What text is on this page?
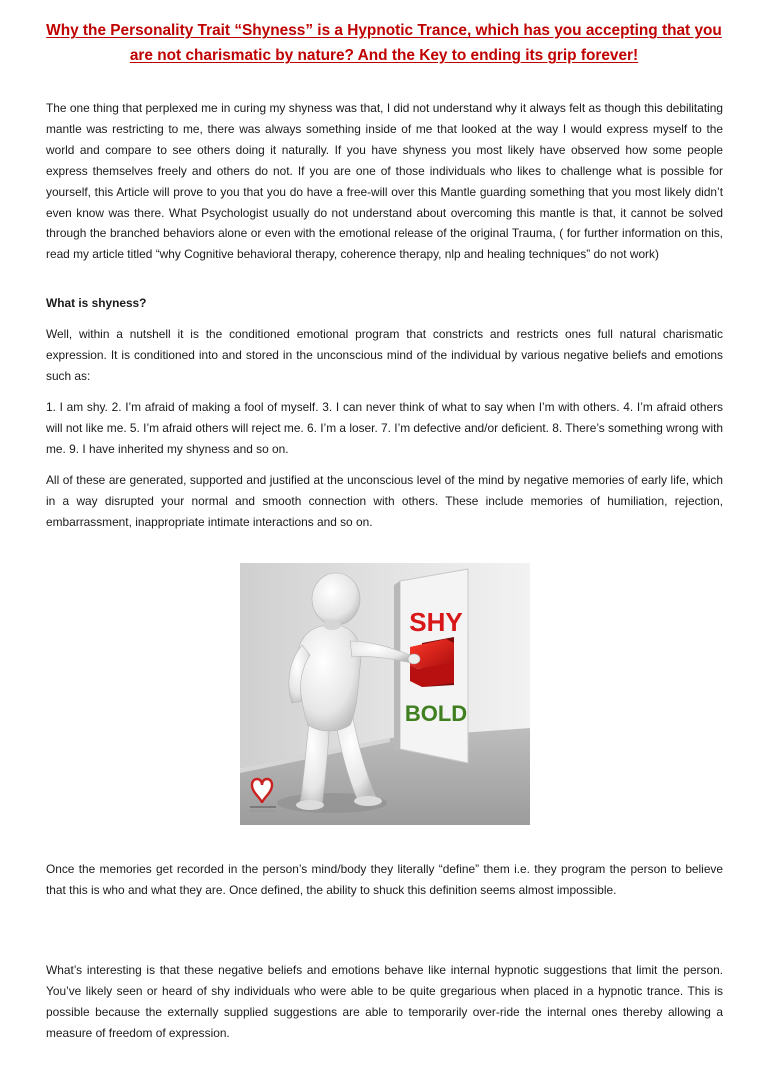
Why the Personality Trait “Shyness” is a Hypnotic Trance, which has you accepting that you are not charismatic by nature? And the Key to ending its grip forever!

The one thing that perplexed me in curing my shyness was that, I did not understand why it always felt as though this debilitating mantle was restricting to me, there was always something inside of me that looked at the way I would express myself to the world and compare to see others doing it naturally. If you have shyness you most likely have observed how some people express themselves freely and others do not. If you are one of those individuals who likes to challenge what is possible for yourself, this Article will prove to you that you do have a free-will over this Mantle guarding something that you most likely didn’t even know was there. What Psychologist usually do not understand about overcoming this mantle is that, it cannot be solved through the branched behaviors alone or even with the emotional release of the original Trauma, ( for further information on this, read my article titled “why Cognitive behavioral therapy, coherence therapy, nlp and healing techniques” do not work)

What is shyness?

Well, within a nutshell it is the conditioned emotional program that constricts and restricts ones full natural charismatic expression. It is conditioned into and stored in the unconscious mind of the individual by various negative beliefs and emotions such as:

1. I am shy. 2. I’m afraid of making a fool of myself. 3. I can never think of what to say when I’m with others. 4. I’m afraid others will not like me. 5. I’m afraid others will reject me. 6. I’m a loser. 7. I’m defective and/or deficient. 8. There’s something wrong with me. 9. I have inherited my shyness and so on.

All of these are generated, supported and justified at the unconscious level of the mind by negative memories of early life, which in a way disrupted your normal and smooth connection with others. These include memories of humiliation, rejection, embarrassment, inappropriate intimate interactions and so on.

SHY
BOLD

Once the memories get recorded in the person’s mind/body they literally “define” them i.e. they program the person to believe that this is who and what they are. Once defined, the ability to shuck this definition seems almost impossible.

What’s interesting is that these negative beliefs and emotions behave like internal hypnotic suggestions that limit the person. You’ve likely seen or heard of shy individuals who were able to be quite gregarious when placed in a hypnotic trance. This is possible because the externally supplied suggestions are able to temporarily over-ride the internal ones thereby allowing a measure of freedom of expression.
